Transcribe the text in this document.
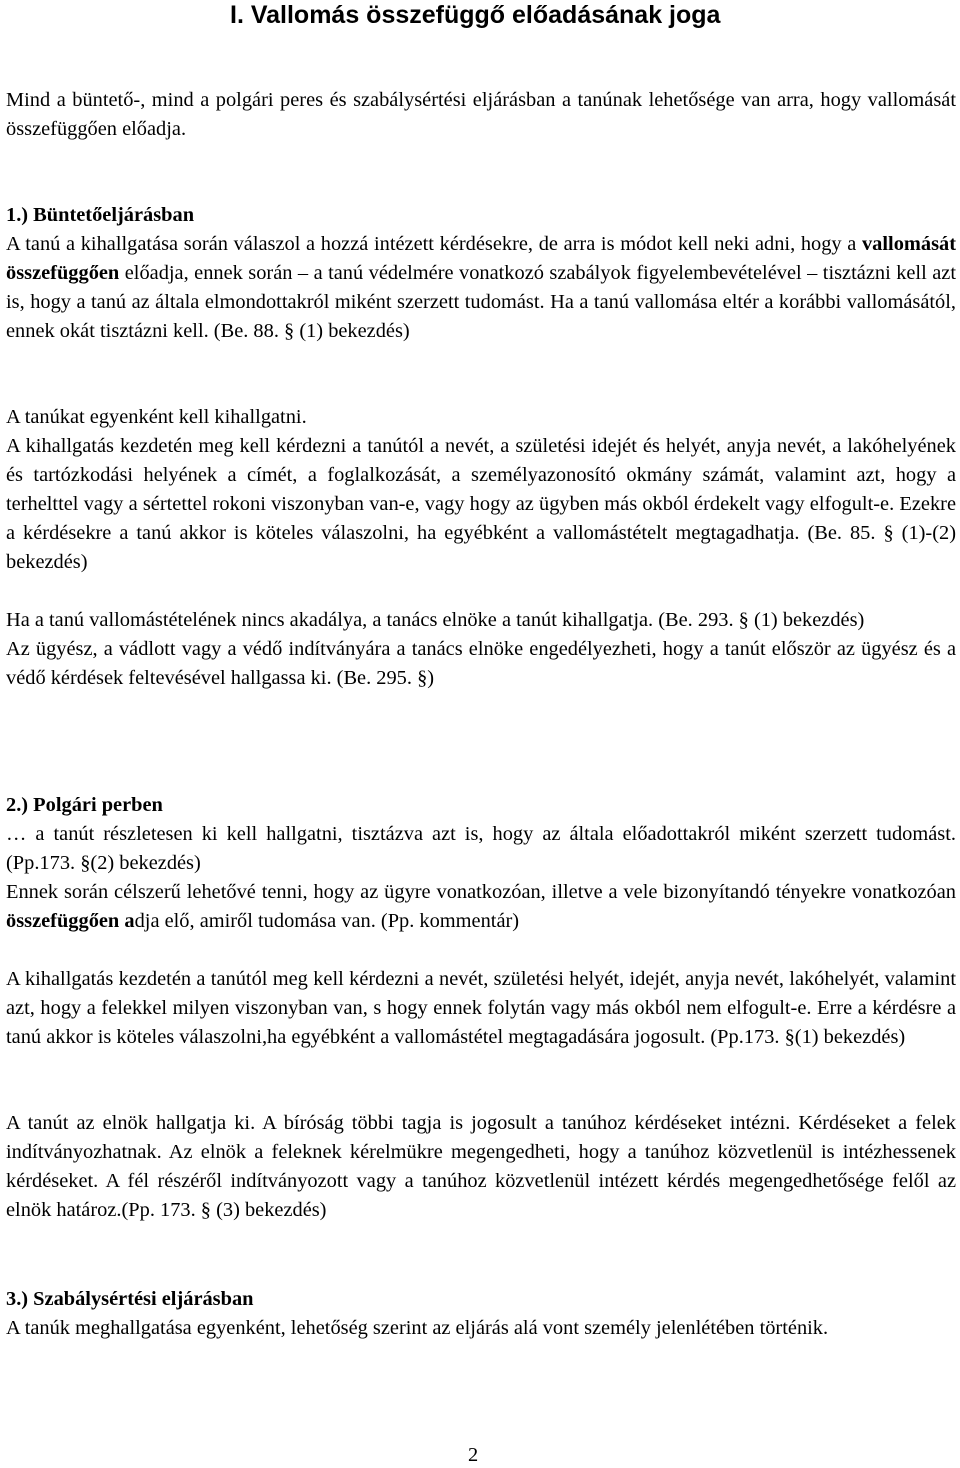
I. Vallomás összefüggő előadásának joga

Mind a büntető-, mind a polgári peres és szabálysértési eljárásban a tanúnak lehetősége van arra, hogy vallomását összefüggően előadja.

1.) Büntetőeljárásban

A tanú a kihallgatása során válaszol a hozzá intézett kérdésekre, de arra is módot kell neki adni, hogy a vallomását összefüggően előadja, ennek során – a tanú védelmére vonatkozó szabályok figyelembevételével – tisztázni kell azt is, hogy a tanú az általa elmondottakról miként szerzett tudomást. Ha a tanú vallomása eltér a korábbi vallomásától, ennek okát tisztázni kell. (Be. 88. § (1) bekezdés)

A tanúkat egyenként kell kihallgatni.

A kihallgatás kezdetén meg kell kérdezni a tanútól a nevét, a születési idejét és helyét, anyja nevét, a lakóhelyének és tartózkodási helyének a címét, a foglalkozását, a személyazonosító okmány számát, valamint azt, hogy a terhelttel vagy a sértettel rokoni viszonyban van-e, vagy hogy az ügyben más okból érdekelt vagy elfogult-e. Ezekre a kérdésekre a tanú akkor is köteles válaszolni, ha egyébként a vallomástételt megtagadhatja. (Be. 85. § (1)-(2) bekezdés)

Ha a tanú vallomástételének nincs akadálya, a tanács elnöke a tanút kihallgatja. (Be. 293. § (1) bekezdés)

Az ügyész, a vádlott vagy a védő indítványára a tanács elnöke engedélyezheti, hogy a tanút először az ügyész és a védő kérdések feltevésével hallgassa ki. (Be. 295. §)

2.) Polgári perben

… a tanút részletesen ki kell hallgatni, tisztázva azt is, hogy az általa előadottakról miként szerzett tudomást. (Pp.173. §(2) bekezdés)

Ennek során célszerű lehetővé tenni, hogy az ügyre vonatkozóan, illetve a vele bizonyítandó tényekre vonatkozóan összefüggően adja elő, amiről tudomása van. (Pp. kommentár)

A kihallgatás kezdetén a tanútól meg kell kérdezni a nevét, születési helyét, idejét, anyja nevét, lakóhelyét, valamint azt, hogy a felekkel milyen viszonyban van, s hogy ennek folytán vagy más okból nem elfogult-e. Erre a kérdésre a tanú akkor is köteles válaszolni,ha egyébként a vallomástétel megtagadására jogosult. (Pp.173. §(1) bekezdés)

A tanút az elnök hallgatja ki. A bíróság többi tagja is jogosult a tanúhoz kérdéseket intézni. Kérdéseket a felek indítványozhatnak. Az elnök a feleknek kérelmükre megengedheti, hogy a tanúhoz közvetlenül is intézhessenek kérdéseket. A fél részéről indítványozott vagy a tanúhoz közvetlenül intézett kérdés megengedhetősége felől az elnök határoz.(Pp. 173. § (3) bekezdés)

3.) Szabálysértési eljárásban

A tanúk meghallgatása egyenként, lehetőség szerint az eljárás alá vont személy jelenlétében történik.

2
